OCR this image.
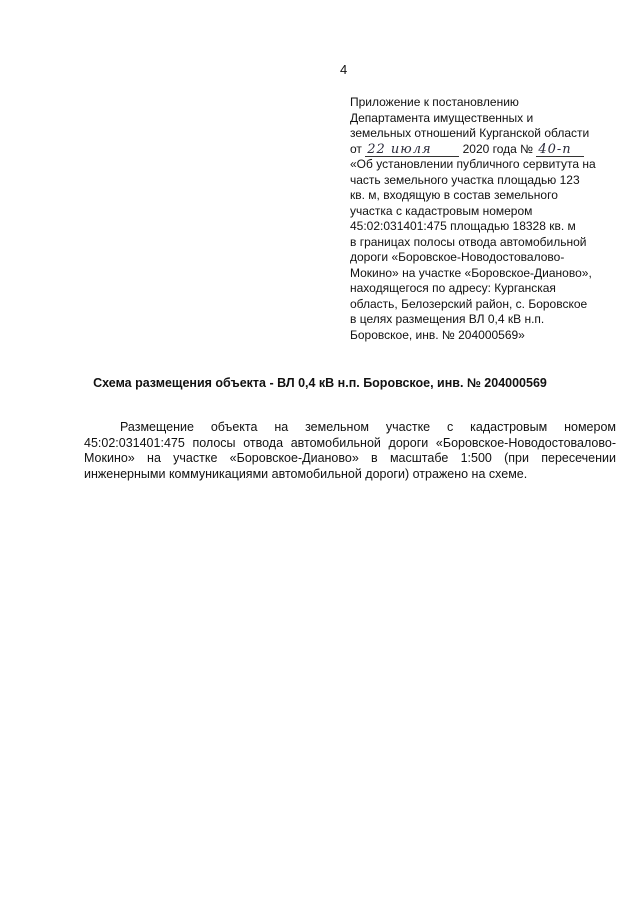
4
Приложение к постановлению
Департамента имущественных и
земельных отношений Курганской области
от 22 июля	2020 года № 40-п
«Об установлении публичного сервитута на
часть земельного участка площадью 123
кв. м, входящую в состав земельного
участка с кадастровым номером
45:02:031401:475 площадью 18328 кв. м
в границах полосы отвода автомобильной
дороги «Боровское-Новодостовалово-
Мокино» на участке «Боровское-Дианово»,
находящегося по адресу: Курганская
область, Белозерский район, с. Боровское
в целях размещения ВЛ 0,4 кВ н.п.
Боровское, инв. № 204000569»
Схема размещения объекта - ВЛ 0,4 кВ н.п. Боровское, инв. № 204000569
Размещение объекта на земельном участке с кадастровым номером 45:02:031401:475 полосы отвода автомобильной дороги «Боровское-Новодостовалово-Мокино» на участке «Боровское-Дианово» в масштабе 1:500 (при пересечении инженерными коммуникациями автомобильной дороги) отражено на схеме.
